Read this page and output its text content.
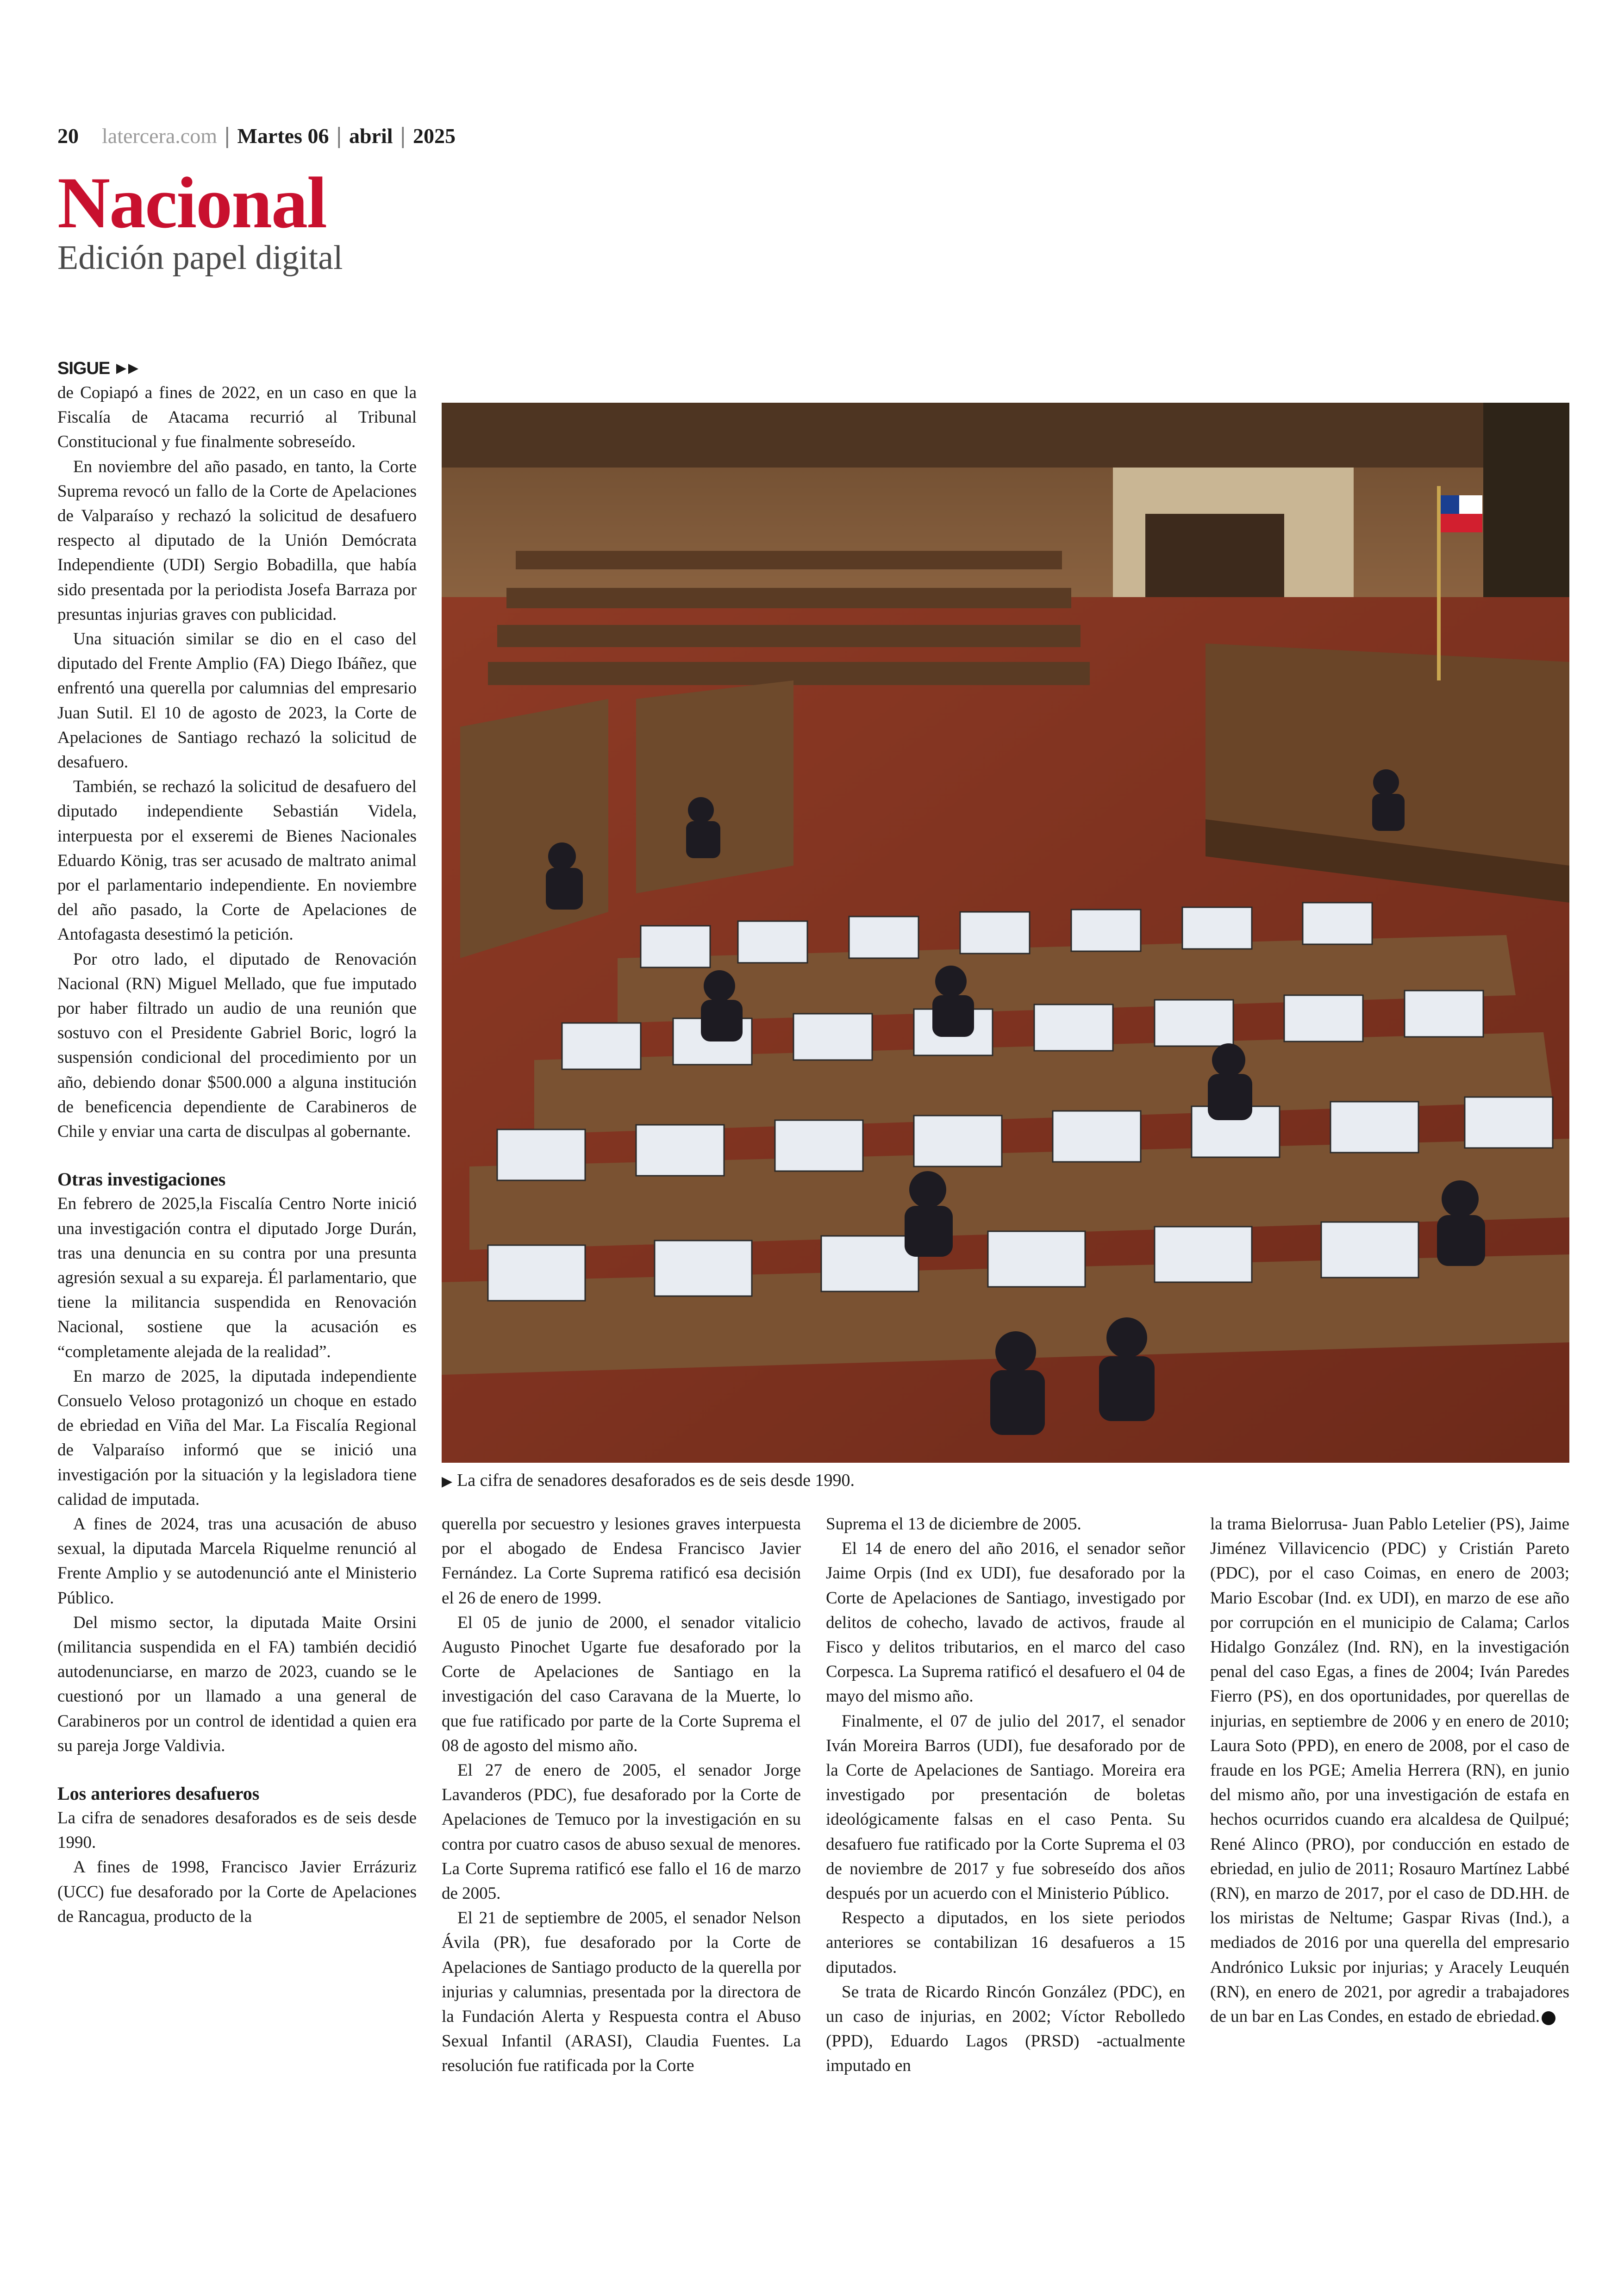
20 latercera.com | Martes 06 | abril | 2025
Nacional
Edición papel digital
SIGUE

de Copiapó a fines de 2022, en un caso en que la Fiscalía de Atacama recurrió al Tribunal Constitucional y fue finalmente sobreseído.

En noviembre del año pasado, en tanto, la Corte Suprema revocó un fallo de la Corte de Apelaciones de Valparaíso y rechazó la solicitud de desafuero respecto al diputado de la Unión Demócrata Independiente (UDI) Sergio Bobadilla, que había sido presentada por la periodista Josefa Barraza por presuntas injurias graves con publicidad.

Una situación similar se dio en el caso del diputado del Frente Amplio (FA) Diego Ibáñez, que enfrentó una querella por calumnias del empresario Juan Sutil. El 10 de agosto de 2023, la Corte de Apelaciones de Santiago rechazó la solicitud de desafuero.

También, se rechazó la solicitud de desafuero del diputado independiente Sebastián Videla, interpuesta por el exseremi de Bienes Nacionales Eduardo König, tras ser acusado de maltrato animal por el parlamentario independiente. En noviembre del año pasado, la Corte de Apelaciones de Antofagasta desestimó la petición.

Por otro lado, el diputado de Renovación Nacional (RN) Miguel Mellado, que fue imputado por haber filtrado un audio de una reunión que sostuvo con el Presidente Gabriel Boric, logró la suspensión condicional del procedimiento por un año, debiendo donar $500.000 a alguna institución de beneficencia dependiente de Carabineros de Chile y enviar una carta de disculpas al gobernante.

Otras investigaciones

En febrero de 2025,la Fiscalía Centro Norte inició una investigación contra el diputado Jorge Durán, tras una denuncia en su contra por una presunta agresión sexual a su expareja. Él parlamentario, que tiene la militancia suspendida en Renovación Nacional, sostiene que la acusación es “completamente alejada de la realidad”.

En marzo de 2025, la diputada independiente Consuelo Veloso protagonizó un choque en estado de ebriedad en Viña del Mar. La Fiscalía Regional de Valparaíso informó que se inició una investigación por la situación y la legisladora tiene calidad de imputada.

A fines de 2024, tras una acusación de abuso sexual, la diputada Marcela Riquelme renunció al Frente Amplio y se autodenunció ante el Ministerio Público.

Del mismo sector, la diputada Maite Orsini (militancia suspendida en el FA) también decidió autodenunciarse, en marzo de 2023, cuando se le cuestionó por un llamado a una general de Carabineros por un control de identidad a quien era su pareja Jorge Valdivia.

Los anteriores desafueros

La cifra de senadores desaforados es de seis desde 1990.

A fines de 1998, Francisco Javier Errázuriz (UCC) fue desaforado por la Corte de Apelaciones de Rancagua, producto de la

▶ La cifra de senadores desaforados es de seis desde 1990.

querella por secuestro y lesiones graves interpuesta por el abogado de Endesa Francisco Javier Fernández. La Corte Suprema ratificó esa decisión el 26 de enero de 1999.

El 05 de junio de 2000, el senador vitalicio Augusto Pinochet Ugarte fue desaforado por la Corte de Apelaciones de Santiago en la investigación del caso Caravana de la Muerte, lo que fue ratificado por parte de la Corte Suprema el 08 de agosto del mismo año.

El 27 de enero de 2005, el senador Jorge Lavanderos (PDC), fue desaforado por la Corte de Apelaciones de Temuco por la investigación en su contra por cuatro casos de abuso sexual de menores. La Corte Suprema ratificó ese fallo el 16 de marzo de 2005.

El 21 de septiembre de 2005, el senador Nelson Ávila (PR), fue desaforado por la Corte de Apelaciones de Santiago producto de la querella por injurias y calumnias, presentada por la directora de la Fundación Alerta y Respuesta contra el Abuso Sexual Infantil (ARASI), Claudia Fuentes. La resolución fue ratificada por la Corte

Suprema el 13 de diciembre de 2005.

El 14 de enero del año 2016, el senador señor Jaime Orpis (Ind ex UDI), fue desaforado por la Corte de Apelaciones de Santiago, investigado por delitos de cohecho, lavado de activos, fraude al Fisco y delitos tributarios, en el marco del caso Corpesca. La Suprema ratificó el desafuero el 04 de mayo del mismo año.

Finalmente, el 07 de julio del 2017, el senador Iván Moreira Barros (UDI), fue desaforado por de la Corte de Apelaciones de Santiago. Moreira era investigado por presentación de boletas ideológicamente falsas en el caso Penta. Su desafuero fue ratificado por la Corte Suprema el 03 de noviembre de 2017 y fue sobreseído dos años después por un acuerdo con el Ministerio Público.

Respecto a diputados, en los siete periodos anteriores se contabilizan 16 desafueros a 15 diputados.

Se trata de Ricardo Rincón González (PDC), en un caso de injurias, en 2002; Víctor Rebolledo (PPD), Eduardo Lagos (PRSD) -actualmente imputado en

la trama Bielorrusa- Juan Pablo Letelier (PS), Jaime Jiménez Villavicencio (PDC) y Cristián Pareto (PDC), por el caso Coimas, en enero de 2003; Mario Escobar (Ind. ex UDI), en marzo de ese año por corrupción en el municipio de Calama; Carlos Hidalgo González (Ind. RN), en la investigación penal del caso Egas, a fines de 2004; Iván Paredes Fierro (PS), en dos oportunidades, por querellas de injurias, en septiembre de 2006 y en enero de 2010; Laura Soto (PPD), en enero de 2008, por el caso de fraude en los PGE; Amelia Herrera (RN), en junio del mismo año, por una investigación de estafa en hechos ocurridos cuando era alcaldesa de Quilpué; René Alinco (PRO), por conducción en estado de ebriedad, en julio de 2011; Rosauro Martínez Labbé (RN), en marzo de 2017, por el caso de DD.HH. de los miristas de Neltume; Gaspar Rivas (Ind.), a mediados de 2016 por una querella del empresario Andrónico Luksic por injurias; y Aracely Leuquén (RN), en enero de 2021, por agredir a trabajadores de un bar en Las Condes, en estado de ebriedad.
